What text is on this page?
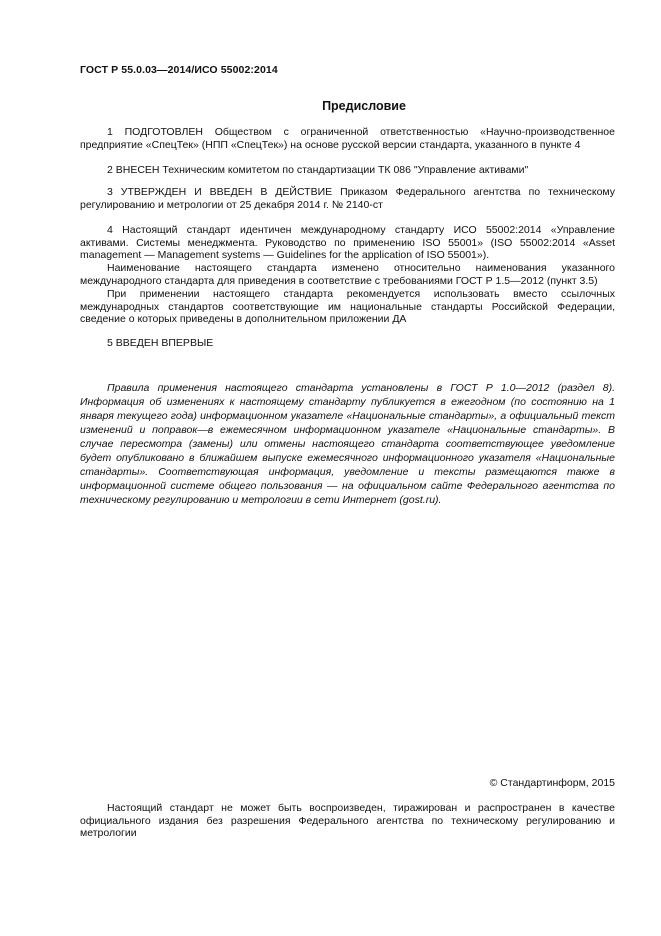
ГОСТ Р 55.0.03—2014/ИСО 55002:2014
Предисловие
1 ПОДГОТОВЛЕН Обществом с ограниченной ответственностью «Научно-производственное предприятие «СпецТек» (НПП «СпецТек») на основе русской версии стандарта, указанного в пункте 4
2 ВНЕСЕН Техническим комитетом по стандартизации ТК 086 "Управление активами"
3 УТВЕРЖДЕН И ВВЕДЕН В ДЕЙСТВИЕ Приказом Федерального агентства по техническому регулированию и метрологии от 25 декабря 2014 г. № 2140-ст
4 Настоящий стандарт идентичен международному стандарту ИСО 55002:2014 «Управление активами. Системы менеджмента. Руководство по применению ISO 55001» (ISO 55002:2014 «Asset management — Management systems — Guidelines for the application of ISO 55001»).
Наименование настоящего стандарта изменено относительно наименования указанного международного стандарта для приведения в соответствие с требованиями ГОСТ Р 1.5—2012 (пункт 3.5)
При применении настоящего стандарта рекомендуется использовать вместо ссылочных международных стандартов соответствующие им национальные стандарты Российской Федерации, сведение о которых приведены в дополнительном приложении ДА
5 ВВЕДЕН ВПЕРВЫЕ
Правила применения настоящего стандарта установлены в ГОСТ Р 1.0—2012 (раздел 8). Информация об изменениях к настоящему стандарту публикуется в ежегодном (по состоянию на 1 января текущего года) информационном указателе «Национальные стандарты», а официальный текст изменений и поправок—в ежемесячном информационном указателе «Национальные стандарты». В случае пересмотра (замены) или отмены настоящего стандарта соответствующее уведомление будет опубликовано в ближайшем выпуске ежемесячного информационного указателя «Национальные стандарты». Соответствующая информация, уведомление и тексты размещаются также в информационной системе общего пользования — на официальном сайте Федерального агентства по техническому регулированию и метрологии в сети Интернет (gost.ru).
© Стандартинформ, 2015
Настоящий стандарт не может быть воспроизведен, тиражирован и распространен в качестве официального издания без разрешения Федерального агентства по техническому регулированию и метрологии
